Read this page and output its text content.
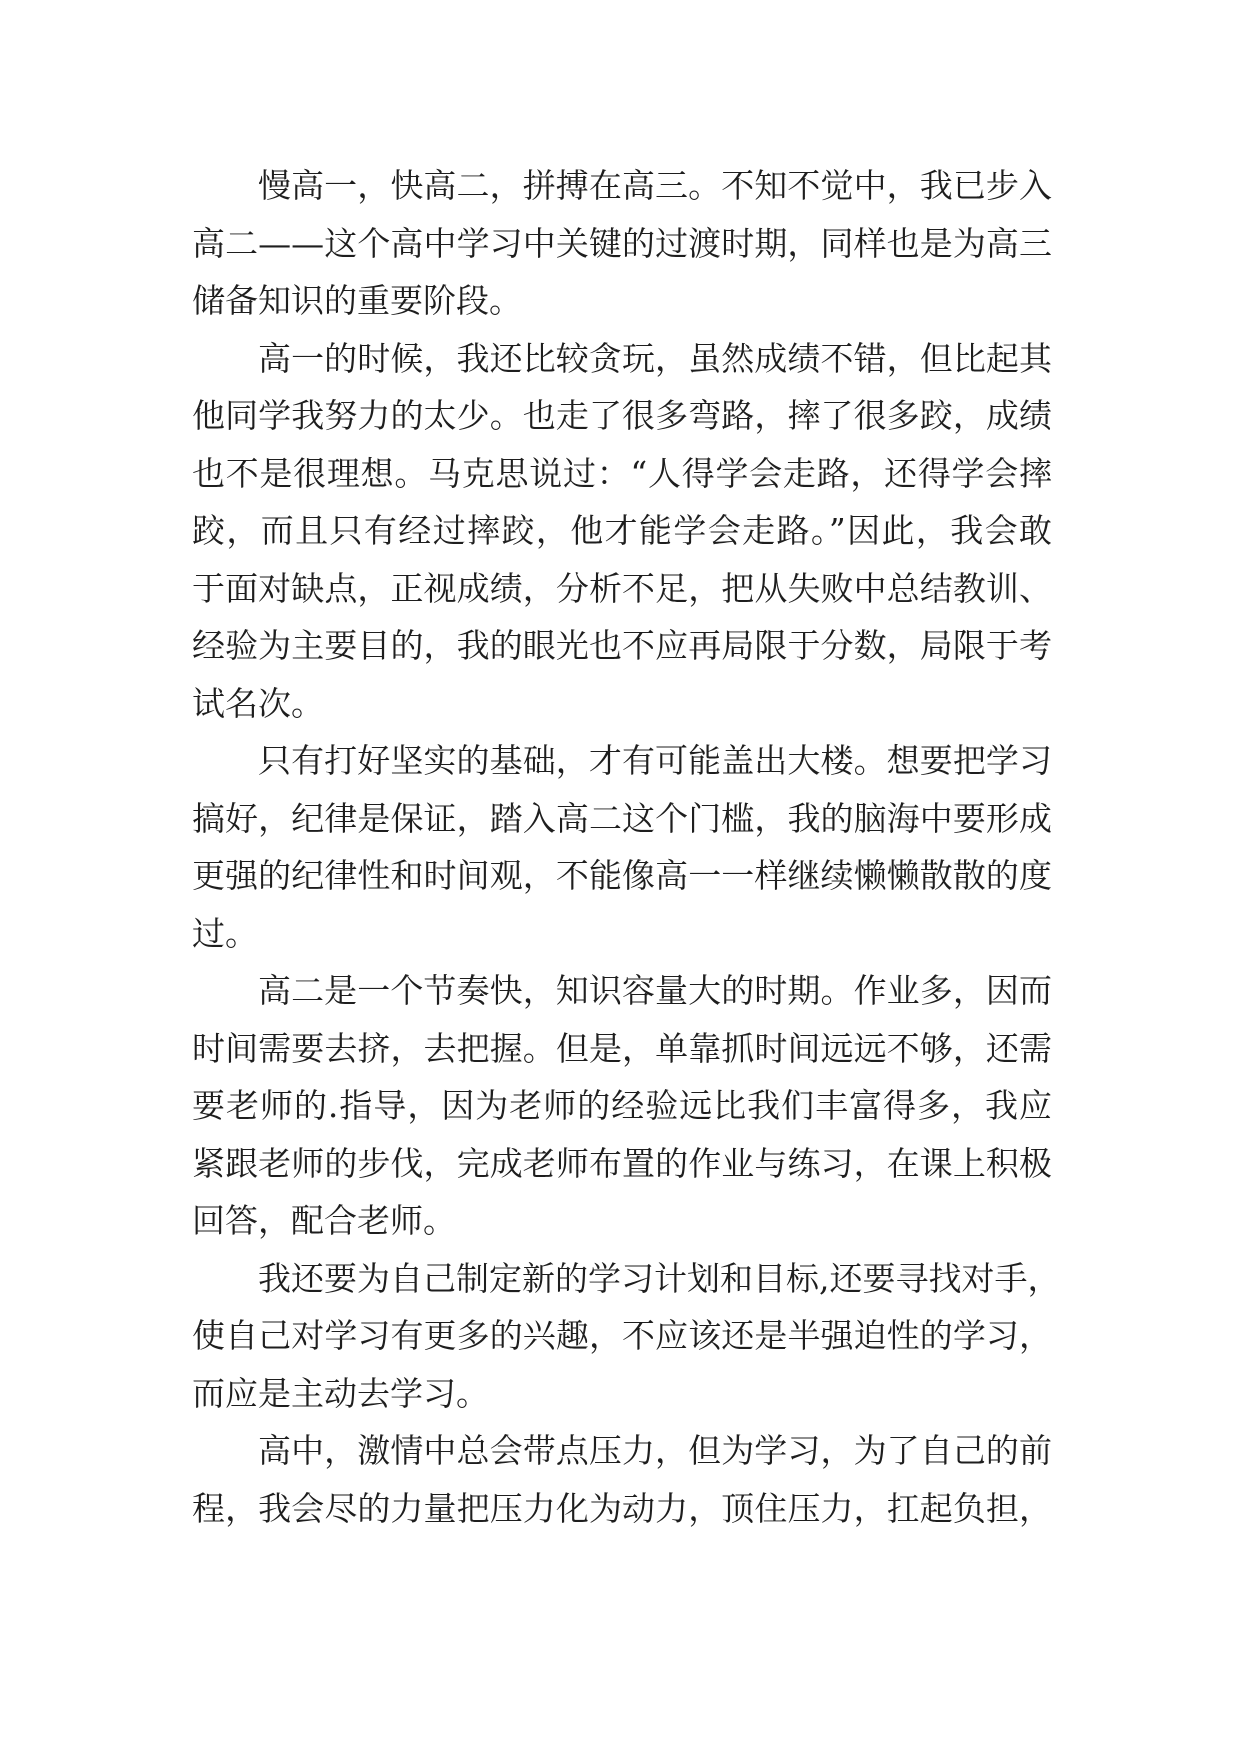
慢高一，快高二，拼搏在高三。不知不觉中，我已步入
高二——这个高中学习中关键的过渡时期，同样也是为高三
储备知识的重要阶段。
高一的时候，我还比较贪玩，虽然成绩不错，但比起其
他同学我努力的太少。也走了很多弯路，摔了很多跤，成绩
也不是很理想。马克思说过：“人得学会走路，还得学会摔
跤，而且只有经过摔跤，他才能学会走路。”因此，我会敢
于面对缺点，正视成绩，分析不足，把从失败中总结教训、
经验为主要目的，我的眼光也不应再局限于分数，局限于考
试名次。
只有打好坚实的基础，才有可能盖出大楼。想要把学习
搞好，纪律是保证，踏入高二这个门槛，我的脑海中要形成
更强的纪律性和时间观，不能像高一一样继续懒懒散散的度
过。
高二是一个节奏快，知识容量大的时期。作业多，因而
时间需要去挤，去把握。但是，单靠抓时间远远不够，还需
要老师的.指导，因为老师的经验远比我们丰富得多，我应
紧跟老师的步伐，完成老师布置的作业与练习，在课上积极
回答，配合老师。
我还要为自己制定新的学习计划和目标,还要寻找对手，
使自己对学习有更多的兴趣，不应该还是半强迫性的学习，
而应是主动去学习。
高中，激情中总会带点压力，但为学习，为了自己的前
程，我会尽的力量把压力化为动力，顶住压力，扛起负担，
